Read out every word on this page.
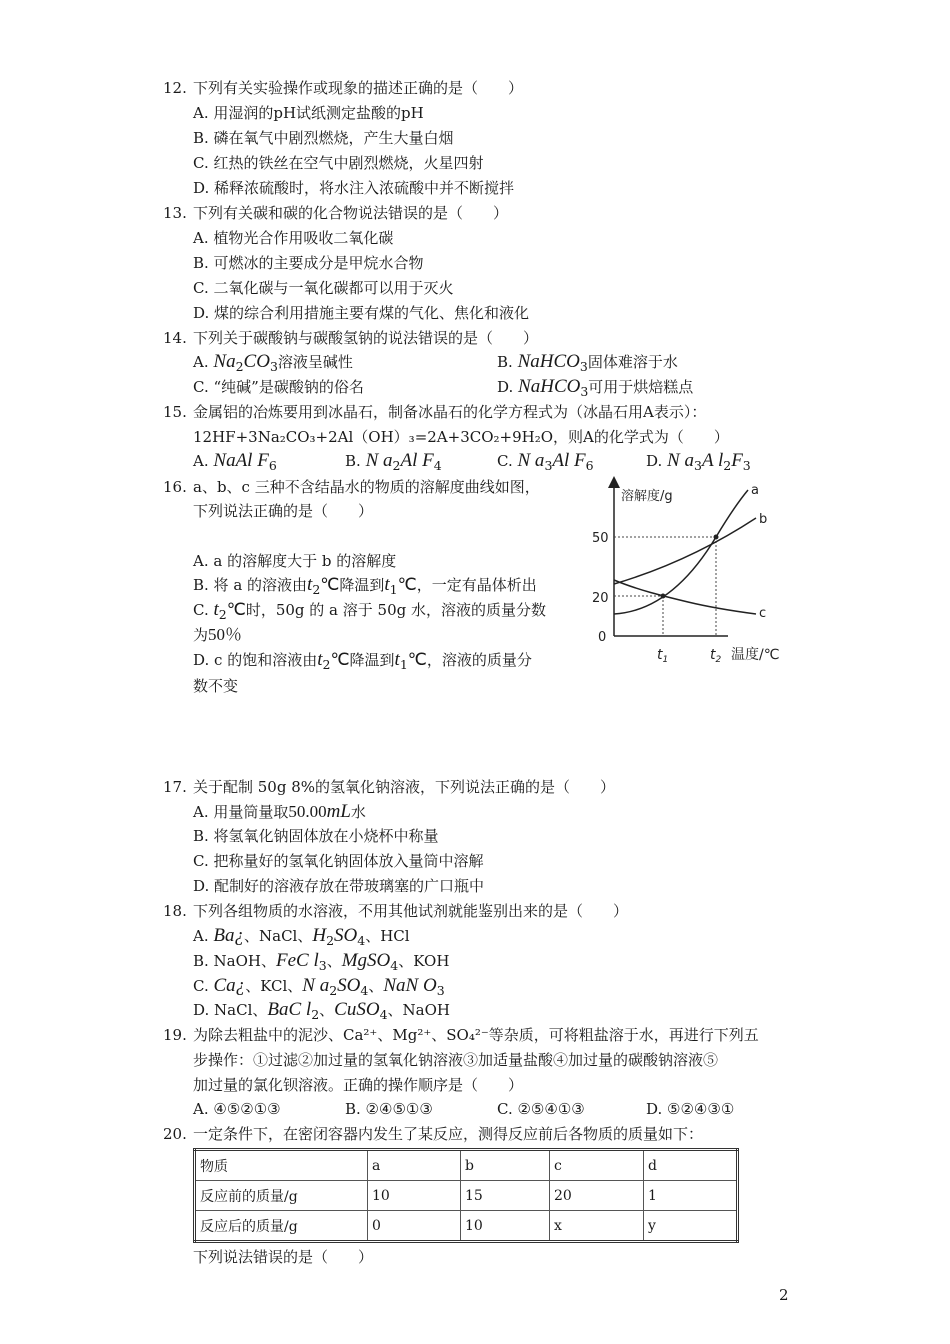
12. 下列有关实验操作或现象的描述正确的是（　　）
A. 用湿润的pH试纸测定盐酸的pH
B. 磷在氧气中剧烈燃烧，产生大量白烟
C. 红热的铁丝在空气中剧烈燃烧，火星四射
D. 稀释浓硫酸时，将水注入浓硫酸中并不断搅拌
13. 下列有关碳和碳的化合物说法错误的是（　　）
A. 植物光合作用吸收二氧化碳
B. 可燃冰的主要成分是甲烷水合物
C. 二氧化碳与一氧化碳都可以用于灭火
D. 煤的综合利用措施主要有煤的气化、焦化和液化
14. 下列关于碳酸钠与碳酸氢钠的说法错误的是（　　）
A. $Na_2CO_3$溶液呈碱性	B. NaHCO$_3$固体难溶于水
C. “纯碱”是碳酸钠的俗名	D. NaHCO$_3$可用于烘焙糕点
15. 金属铝的冶炼要用到冰晶石，制备冰晶石的化学方程式为（冰晶石用A表示）：
12HF+3Na₂CO₃+2Al（OH）₃=2A+3CO₂+9H₂O，则A的化学式为（　　）
A. NaAl $F_6$	B. N $a_2Al$ $F_4$	C. N $a_3Al$ $F_6$	D. N $a_3A$ $l_2F_3$
16. a、b、c 三种不含结晶水的物质的溶解度曲线如图，
下列说法正确的是（　　）
A. a 的溶解度大于 b 的溶解度
B. 将 a 的溶液由$t_2℃$降温到$t_1℃$，一定有晶体析出
C. $t_2℃$时，50g 的 a 溶于 50g 水，溶液的质量分数
为50％
D. c 的饱和溶液由$t_2℃$降温到$t_1℃$，溶液的质量分
数不变
溶解度/g
温度/℃
50
20
0
a
b
c
$t_1$	$t_2$
17. 关于配制 50g 8%的氢氧化钠溶液，下列说法正确的是（　　）
A. 用量筒量取50.00mL水
B. 将氢氧化钠固体放在小烧杯中称量
C. 把称量好的氢氧化钠固体放入量筒中溶解
D. 配制好的溶液存放在带玻璃塞的广口瓶中
18. 下列各组物质的水溶液，不用其他试剂就能鉴别出来的是（　　）
A. Ba¿、NaCl、$H_2SO_4$、HCl
B. NaOH、FeC $l_3$、MgSO$_4$、KOH
C. Ca¿、KCl、N $a_2SO_4$、NaN $O_3$
D. NaCl、BaC $l_2$、CuSO$_4$、NaOH
19. 为除去粗盐中的泥沙、Ca²⁺、Mg²⁺、SO₄²⁻等杂质，可将粗盐溶于水，再进行下列五
步操作：①过滤②加过量的氢氧化钠溶液③加适量盐酸④加过量的碳酸钠溶液⑤
加过量的氯化钡溶液。正确的操作顺序是（　　）
A. ④⑤②①③	B. ②④⑤①③	C. ②⑤④①③	D. ⑤②④③①
20. 一定条件下，在密闭容器内发生了某反应，测得反应前后各物质的质量如下：
物质	a	b	c	d
反应前的质量/g	10	15	20	1
反应后的质量/g	0	10	x	y
下列说法错误的是（　　）
2
